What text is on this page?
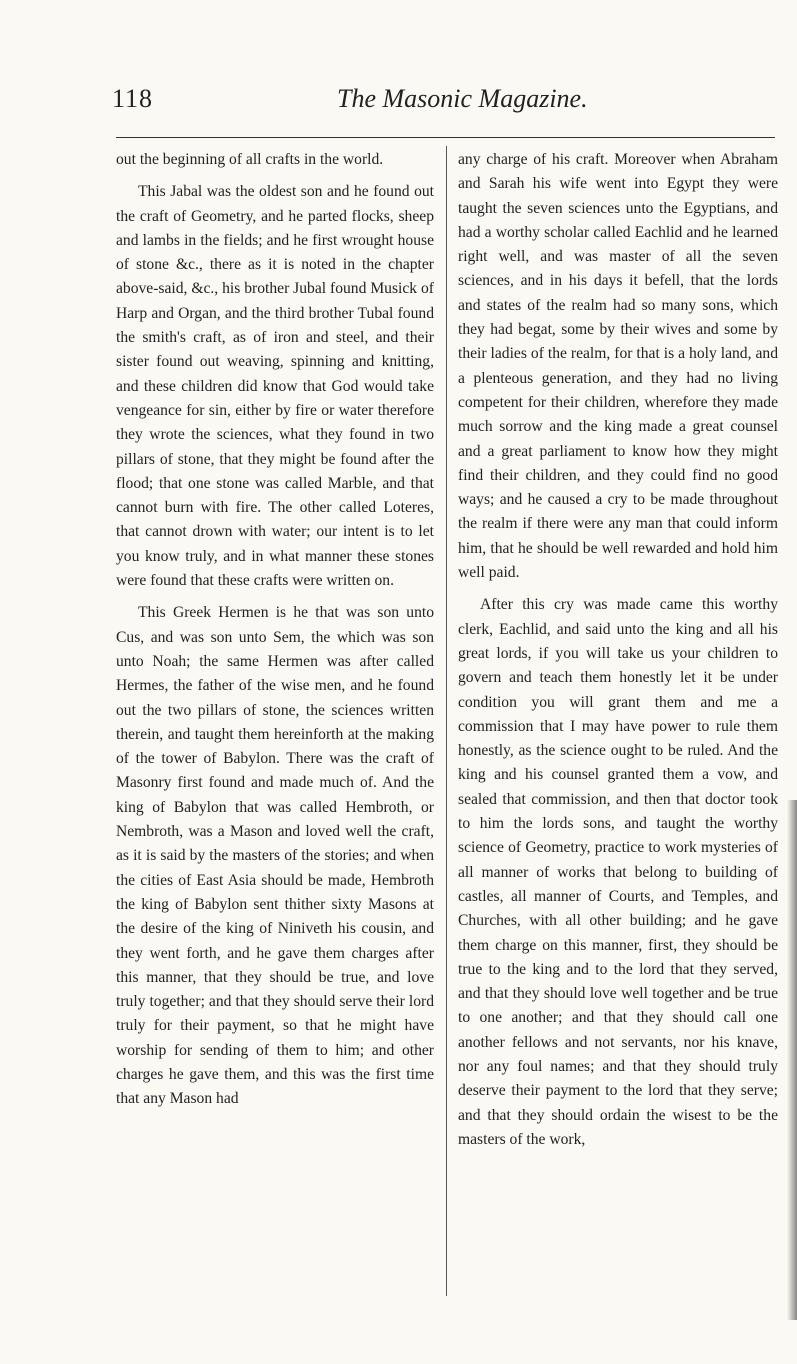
118	The Masonic Magazine.

out the beginning of all crafts in the world.

This Jabal was the oldest son and he found out the craft of Geometry, and he parted flocks, sheep and lambs in the fields; and he first wrought house of stone &c., there as it is noted in the chapter above-said, &c., his brother Jubal found Musick of Harp and Organ, and the third brother Tubal found the smith's craft, as of iron and steel, and their sister found out weaving, spinning and knitting, and these children did know that God would take vengeance for sin, either by fire or water therefore they wrote the sciences, what they found in two pillars of stone, that they might be found after the flood; that one stone was called Marble, and that cannot burn with fire. The other called Loteres, that cannot drown with water; our intent is to let you know truly, and in what manner these stones were found that these crafts were written on.

This Greek Hermen is he that was son unto Cus, and was son unto Sem, the which was son unto Noah; the same Hermen was after called Hermes, the father of the wise men, and he found out the two pillars of stone, the sciences written therein, and taught them hereinforth at the making of the tower of Babylon. There was the craft of Masonry first found and made much of. And the king of Babylon that was called Hembroth, or Nembroth, was a Mason and loved well the craft, as it is said by the masters of the stories; and when the cities of East Asia should be made, Hembroth the king of Babylon sent thither sixty Masons at the desire of the king of Niniveth his cousin, and they went forth, and he gave them charges after this manner, that they should be true, and love truly together; and that they should serve their lord truly for their payment, so that he might have worship for sending of them to him; and other charges he gave them, and this was the first time that any Mason had

any charge of his craft. Moreover when Abraham and Sarah his wife went into Egypt they were taught the seven sciences unto the Egyptians, and had a worthy scholar called Eachlid and he learned right well, and was master of all the seven sciences, and in his days it befell, that the lords and states of the realm had so many sons, which they had begat, some by their wives and some by their ladies of the realm, for that is a holy land, and a plenteous generation, and they had no living competent for their children, wherefore they made much sorrow and the king made a great counsel and a great parliament to know how they might find their children, and they could find no good ways; and he caused a cry to be made throughout the realm if there were any man that could inform him, that he should be well rewarded and hold him well paid.

After this cry was made came this worthy clerk, Eachlid, and said unto the king and all his great lords, if you will take us your children to govern and teach them honestly let it be under condition you will grant them and me a commission that I may have power to rule them honestly, as the science ought to be ruled. And the king and his counsel granted them a vow, and sealed that commission, and then that doctor took to him the lords sons, and taught the worthy science of Geometry, practice to work mysteries of all manner of works that belong to building of castles, all manner of Courts, and Temples, and Churches, with all other building; and he gave them charge on this manner, first, they should be true to the king and to the lord that they served, and that they should love well together and be true to one another; and that they should call one another fellows and not servants, nor his knave, nor any foul names; and that they should truly deserve their payment to the lord that they serve; and that they should ordain the wisest to be the masters of the work,
